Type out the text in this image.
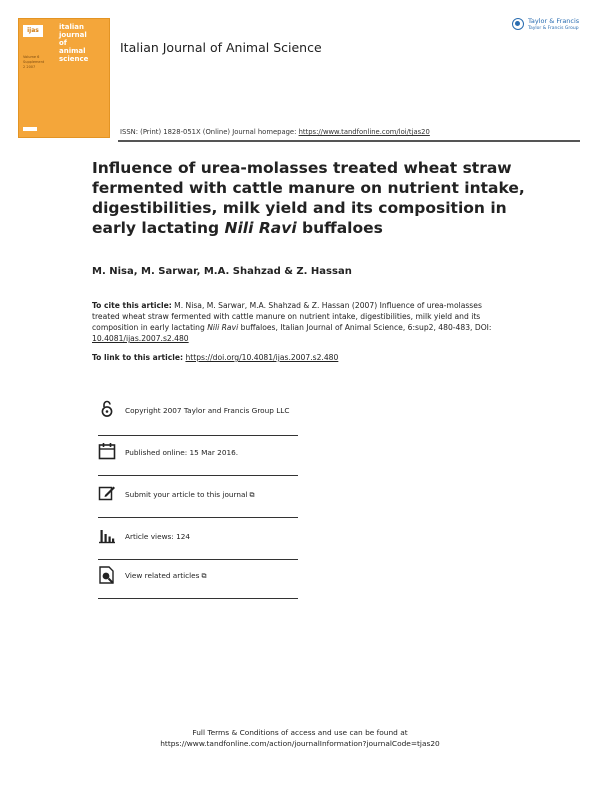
ijas	italian
journal
of
animal
science
Volume 6 Supplement 2 2007
Italian Journal of Animal Science
Taylor & Francis
Taylor & Francis Group
ISSN: (Print) 1828-051X (Online) Journal homepage: https://www.tandfonline.com/loi/tjas20
Influence of urea-molasses treated wheat straw fermented with cattle manure on nutrient intake, digestibilities, milk yield and its composition in early lactating Nili Ravi buffaloes
M. Nisa, M. Sarwar, M.A. Shahzad & Z. Hassan
To cite this article: M. Nisa, M. Sarwar, M.A. Shahzad & Z. Hassan (2007) Influence of urea-molasses treated wheat straw fermented with cattle manure on nutrient intake, digestibilities, milk yield and its composition in early lactating Nili Ravi buffaloes, Italian Journal of Animal Science, 6:sup2, 480-483, DOI: 10.4081/ijas.2007.s2.480
To link to this article: https://doi.org/10.4081/ijas.2007.s2.480
Copyright 2007 Taylor and Francis Group LLC
Published online: 15 Mar 2016.
Submit your article to this journal ⧉
Article views: 124
View related articles ⧉
Full Terms & Conditions of access and use can be found at
https://www.tandfonline.com/action/journalInformation?journalCode=tjas20
